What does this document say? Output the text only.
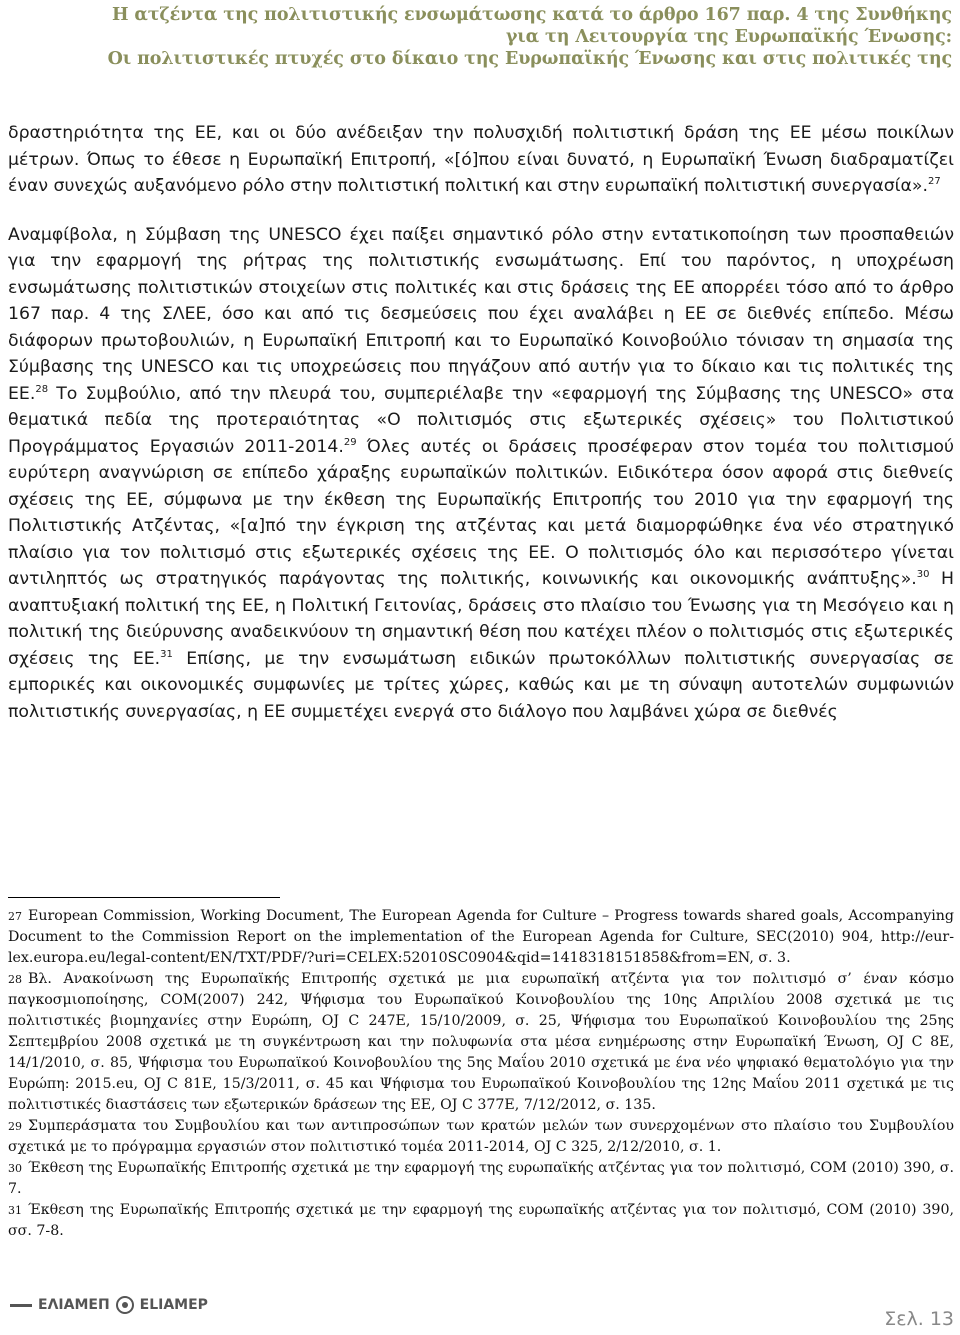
Η ατζέντα της πολιτιστικής ενσωμάτωσης κατά το άρθρο 167 παρ. 4 της Συνθήκης
για τη Λειτουργία της Ευρωπαϊκής Ένωσης:
Οι πολιτιστικές πτυχές στο δίκαιο της Ευρωπαϊκής Ένωσης και στις πολιτικές της

δραστηριότητα της ΕΕ, και οι δύο ανέδειξαν την πολυσχιδή πολιτιστική δράση της ΕΕ μέσω ποικίλων μέτρων. Όπως το έθεσε η Ευρωπαϊκή Επιτροπή, «[ό]που είναι δυνατό, η Ευρωπαϊκή Ένωση διαδραματίζει έναν συνεχώς αυξανόμενο ρόλο στην πολιτιστική πολιτική και στην ευρωπαϊκή πολιτιστική συνεργασία».$^{27}$

Αναμφίβολα, η Σύμβαση της UNESCO έχει παίξει σημαντικό ρόλο στην εντατικοποίηση των προσπαθειών για την εφαρμογή της ρήτρας της πολιτιστικής ενσωμάτωσης. Επί του παρόντος, η υποχρέωση ενσωμάτωσης πολιτιστικών στοιχείων στις πολιτικές και στις δράσεις της ΕΕ απορρέει τόσο από το άρθρο 167 παρ. 4 της ΣΛΕΕ, όσο και από τις δεσμεύσεις που έχει αναλάβει η ΕΕ σε διεθνές επίπεδο. Μέσω διάφορων πρωτοβουλιών, η Ευρωπαϊκή Επιτροπή και το Ευρωπαϊκό Κοινοβούλιο τόνισαν τη σημασία της Σύμβασης της UNESCO και τις υποχρεώσεις που πηγάζουν από αυτήν για το δίκαιο και τις πολιτικές της ΕΕ.$^{28}$ Το Συμβούλιο, από την πλευρά του, συμπεριέλαβε την «εφαρμογή της Σύμβασης της UNESCO» στα θεματικά πεδία της προτεραιότητας «Ο πολιτισμός στις εξωτερικές σχέσεις» του Πολιτιστικού Προγράμματος Εργασιών 2011-2014.29 Όλες αυτές οι δράσεις προσέφεραν στον τομέα του πολιτισμού ευρύτερη αναγνώριση σε επίπεδο χάραξης ευρωπαϊκών πολιτικών. Ειδικότερα όσον αφορά στις διεθνείς σχέσεις της ΕΕ, σύμφωνα με την έκθεση της Ευρωπαϊκής Επιτροπής του 2010 για την εφαρμογή της Πολιτιστικής Ατζέντας, «[α]πό την έγκριση της ατζέντας και μετά διαμορφώθηκε ένα νέο στρατηγικό πλαίσιο για τον πολιτισμό στις εξωτερικές σχέσεις της ΕΕ. Ο πολιτισμός όλο και περισσότερο γίνεται αντιληπτός ως στρατηγικός παράγοντας της πολιτικής, κοινωνικής και οικονομικής ανάπτυξης».$^{30}$ Η αναπτυξιακή πολιτική της ΕΕ, η Πολιτική Γειτονίας, δράσεις στο πλαίσιο του Ένωσης για τη Μεσόγειο και η πολιτική της διεύρυνσης αναδεικνύουν τη σημαντική θέση που κατέχει πλέον ο πολιτισμός στις εξωτερικές σχέσεις της ΕΕ.$^{31}$ Επίσης, με την ενσωμάτωση ειδικών πρωτοκόλλων πολιτιστικής συνεργασίας σε εμπορικές και οικονομικές συμφωνίες με τρίτες χώρες, καθώς και με τη σύναψη αυτοτελών συμφωνιών πολιτιστικής συνεργασίας, η ΕΕ συμμετέχει ενεργά στο διάλογο που λαμβάνει χώρα σε διεθνές

27 European Commission, Working Document, The European Agenda for Culture – Progress towards shared goals, Accompanying Document to the Commission Report on the implementation of the European Agenda for Culture, SEC(2010) 904, http://eur-lex.europa.eu/legal-content/EN/TXT/PDF/?uri=CELEX:52010SC0904&qid=1418318151858&from=EN, σ. 3.

28 Βλ. Ανακοίνωση της Ευρωπαϊκής Επιτροπής σχετικά με μια ευρωπαϊκή ατζέντα για τον πολιτισμό σ’ έναν κόσμο παγκοσμιοποίησης, COM(2007) 242, Ψήφισμα του Ευρωπαϊκού Κοινοβουλίου της 10ης Απριλίου 2008 σχετικά με τις πολιτιστικές βιομηχανίες στην Ευρώπη, OJ C 247E, 15/10/2009, σ. 25, Ψήφισμα του Ευρωπαϊκού Κοινοβουλίου της 25ης Σεπτεμβρίου 2008 σχετικά με τη συγκέντρωση και την πολυφωνία στα μέσα ενημέρωσης στην Ευρωπαϊκή Ένωση, OJ C 8E, 14/1/2010, σ. 85, Ψήφισμα του Ευρωπαϊκού Κοινοβουλίου της 5ης Μαΐου 2010 σχετικά με ένα νέο ψηφιακό θεματολόγιο για την Ευρώπη: 2015.eu, OJ C 81E, 15/3/2011, σ. 45 και Ψήφισμα του Ευρωπαϊκού Κοινοβουλίου της 12ης Μαΐου 2011 σχετικά με τις πολιτιστικές διαστάσεις των εξωτερικών δράσεων της ΕΕ, OJ C 377E, 7/12/2012, σ. 135.

29 Συμπεράσματα του Συμβουλίου και των αντιπροσώπων των κρατών μελών των συνερχομένων στο πλαίσιο του Συμβουλίου σχετικά με το πρόγραμμα εργασιών στον πολιτιστικό τομέα 2011-2014, OJ C 325, 2/12/2010, σ. 1.

30 Έκθεση της Ευρωπαϊκής Επιτροπής σχετικά με την εφαρμογή της ευρωπαϊκής ατζέντας για τον πολιτισμό, COM (2010) 390, σ. 7.

31 Έκθεση της Ευρωπαϊκής Επιτροπής σχετικά με την εφαρμογή της ευρωπαϊκής ατζέντας για τον πολιτισμό, COM (2010) 390, σσ. 7-8.

ΕΛΙΑΜΕΠ ELIAMEP
Σελ. 13
